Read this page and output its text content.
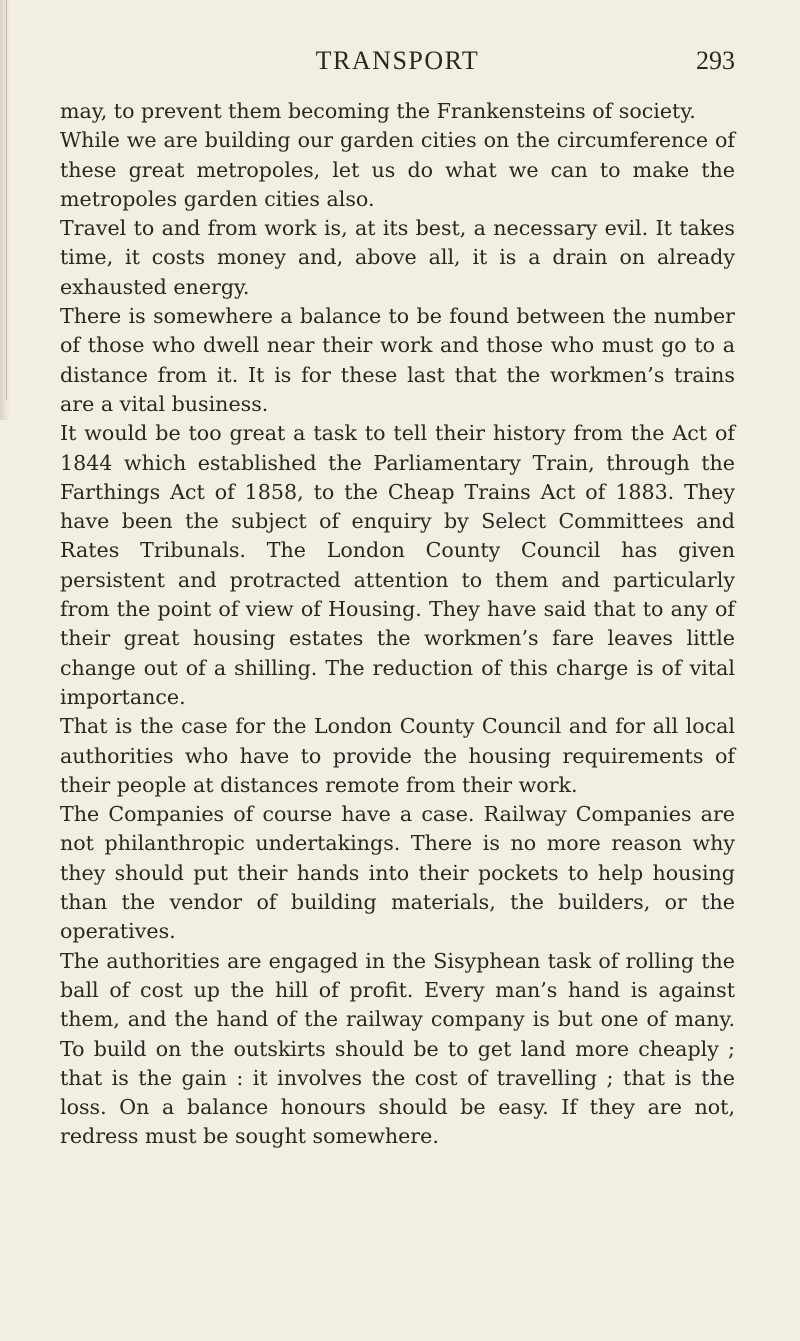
TRANSPORT	293

may, to prevent them becoming the Frankensteins of society.

While we are building our garden cities on the circumference of these great metropoles, let us do what we can to make the metropoles garden cities also.

Travel to and from work is, at its best, a necessary evil. It takes time, it costs money and, above all, it is a drain on already exhausted energy.

There is somewhere a balance to be found between the number of those who dwell near their work and those who must go to a distance from it. It is for these last that the workmen’s trains are a vital business.

It would be too great a task to tell their history from the Act of 1844 which established the Parliamentary Train, through the Farthings Act of 1858, to the Cheap Trains Act of 1883. They have been the subject of enquiry by Select Committees and Rates Tribunals. The London County Council has given persistent and protracted attention to them and particularly from the point of view of Housing. They have said that to any of their great housing estates the workmen’s fare leaves little change out of a shilling. The reduction of this charge is of vital importance.

That is the case for the London County Council and for all local authorities who have to provide the housing requirements of their people at distances remote from their work.

The Companies of course have a case. Railway Companies are not philanthropic undertakings. There is no more reason why they should put their hands into their pockets to help housing than the vendor of building materials, the builders, or the operatives.

The authorities are engaged in the Sisyphean task of rolling the ball of cost up the hill of profit. Every man’s hand is against them, and the hand of the railway company is but one of many. To build on the outskirts should be to get land more cheaply ; that is the gain : it involves the cost of travelling ; that is the loss. On a balance honours should be easy. If they are not, redress must be sought somewhere.
